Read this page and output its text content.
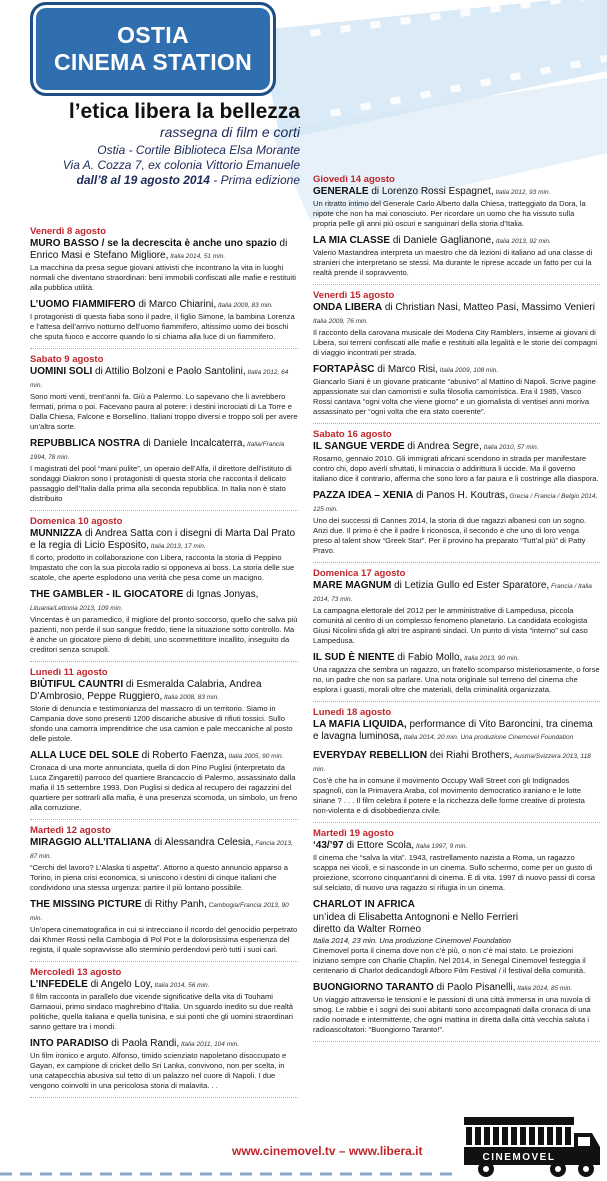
OSTIA
CINEMA STATION
l’etica libera la bellezza
rassegna di film e corti
Ostia - Cortile Biblioteca Elsa Morante
Via A. Cozza 7, ex colonia Vittorio Emanuele
dall’8 al 19 agosto 2014 - Prima edizione
Venerdì 8 agosto
MURO BASSO / se la decrescita è anche uno spazio di Enrico Masi e Stefano Migliore, Italia 2014, 51 min.
La macchina da presa segue giovani attivisti che incontrano la vita in luoghi normali che diventano straordinari: beni immobili confiscati alle mafie e restituiti alla pubblica utilità.
L’UOMO FIAMMIFERO di Marco Chiarini, Italia 2009, 83 min.
I protagonisti di questa fiaba sono il padre, il figlio Simone, la bambina Lorenza e l’attesa dell’arrivo notturno dell’uomo fiammifero, altissimo uomo dei boschi che sputa fuoco e accorre quando lo si chiama alla luce di un fiammifero.
Sabato 9 agosto
UOMINI SOLI di Attilio Bolzoni e Paolo Santolini, Italia 2012, 64 min.
Sono morti venti, trent’anni fa. Giù a Palermo. Lo sapevano che li avrebbero fermati, prima o poi. Facevano paura al potere: i destini incrociati di La Torre e Dalla Chiesa, Falcone e Borsellino. Italiani troppo diversi e troppo soli per avere un’altra sorte.
REPUBBLICA NOSTRA di Daniele Incalcaterra, Italia/Francia 1994, 78 min.
I magistrati del pool “mani pulite”, un operaio dell’Alfa, il direttore dell’istituto di sondaggi Diakron sono i protagonisti di questa storia che racconta il delicato passaggio dell’Italia dalla prima alla seconda repubblica. In Italia non è stato distribuito
Domenica 10 agosto
MUNNIZZA di Andrea Satta con i disegni di Marta Dal Prato e la regia di Licio Esposito, Italia 2013, 17 min.
Il corto, prodotto in collaborazione con Libera, racconta la storia di Peppino Impastato che con la sua piccola radio si opponeva ai boss. La storia delle sue scatole, che aperte esplodono una verità che pesa come un macigno.
THE GAMBLER - IL GIOCATORE di Ignas Jonyas, Lituania/Lettonia 2013, 109 min.
Vincentas è un paramedico, il migliore del pronto soccorso, quello che salva più pazienti, non perde il suo sangue freddo, tiene la situazione sotto controllo. Ma è anche un giocatore pieno di debiti, uno scommettitore incallito, inseguito da creditori senza scrupoli.
Lunedì 11 agosto
BIÙTIFUL CAUNTRI di Esmeralda Calabria, Andrea D’Ambrosio, Peppe Ruggiero, Italia 2008, 83 min.
Storie di denuncia e testimonianza del massacro di un territorio. Siamo in Campania dove sono presenti 1200 discariche abusive di rifiuti tossici. Sullo sfondo una camorra imprenditrice che usa camion e pale meccaniche al posto delle pistole.
ALLA LUCE DEL SOLE di Roberto Faenza, Italia 2005, 90 min.
Cronaca di una morte annunciata, quella di don Pino Puglisi (interpretato da Luca Zingaretti) parroco del quartiere Brancaccio di Palermo, assassinato dalla mafia il 15 settembre 1993. Don Puglisi si dedica al recupero dei ragazzini del quartiere per sottrarli alla mafia, è una presenza scomoda, un simbolo, un freno alla corruzione.
Martedì 12 agosto
MIRAGGIO ALL’ITALIANA di Alessandra Celesia, Fancia 2013, 87 min.
“Cerchi del lavoro? L’Alaska ti aspetta”. Attorno a questo annuncio apparso a Torino, in piena crisi economica, si uniscono i destini di cinque italiani che condividono una stessa urgenza: partire il più lontano possibile.
THE MISSING PICTURE di Rithy Panh, Cambogia/Francia 2013, 90 min.
Un’opera cinematografica in cui si intrecciano il ricordo del genocidio perpetrato dai Khmer Rossi nella Cambogia di Pol Pot e la dolorosissima esperienza del regista, il quale sopravvisse allo sterminio perdendovi però tutti i suoi cari.
Mercoledì 13 agosto
L’INFEDELE di Angelo Loy, Italia 2014, 56 min.
Il film racconta in parallelo due vicende significative della vita di Touhami Garnaoui, primo sindaco maghrebino d’Italia. Un sguardo inedito su due realtà politiche, quella italiana e quella tunisina, e sui ponti che gli uomini straordinari sanno gettare tra i mondi.
INTO PARADISO di Paola Randi, Italia 2011, 104 min.
Un film ironico e arguto. Alfonso, timido scienziato napoletano disoccupato e Gayan, ex campione di cricket dello Sri Lanka, convivono, non per scelta, in una catapecchia abusiva sul tetto di un palazzo nel cuore di Napoli. I due vengono coinvolti in una pericolosa storia di malavita. . .
Giovedì 14 agosto
GENERALE di Lorenzo Rossi Espagnet, Italia 2012, 93 min.
Un ritratto intimo del Generale Carlo Alberto dalla Chiesa, tratteggiato da Dora, la nipote che non ha mai conosciuto. Per ricordare un uomo che ha vissuto sulla propria pelle gli anni più oscuri e sanguinari della storia d’Italia.
LA MIA CLASSE di Daniele Gaglianone, Italia 2013, 92 min.
Valerio Mastandrea interpreta un maestro che dà lezioni di italiano ad una classe di stranieri che interpretano se stessi. Ma durante le riprese accade un fatto per cui la realtà prende il sopravvento.
Venerdì 15 agosto
ONDA LIBERA di Christian Nasi, Matteo Pasi, Massimo Venieri Italia 2009, 76 min.
Il racconto della carovana musicale dei Modena City Ramblers, insieme ai giovani di Libera, sui terreni confiscati alle mafie e restituiti alla legalità e le storie dei compagni di viaggio incontrati per strada.
FORTAPÀSC di Marco Risi, Italia 2009, 108 min.
Giancarlo Siani è un giovane praticante “abusivo” al Mattino di Napoli. Scrive pagine appassionate sui clan camorristi e sulla filosofia camorristica. Era il 1985, Vasco Rossi cantava “ogni volta che viene giorno” e un giornalista di ventisei anni moriva assassinato per “ogni volta che era stato coerente”.
Sabato 16 agosto
IL SANGUE VERDE di Andrea Segre, Italia 2010, 57 min.
Rosarno, gennaio 2010. Gli immigrati africani scendono in strada per manifestare contro chi, dopo averli sfruttati, li minaccia o addirittura li uccide. Ma il governo italiano dice il contrario, afferma che sono loro a far paura e li costringe alla diaspora.
PAZZA IDEA – XENIA di Panos H. Koutras, Grecia / Francia / Belgio 2014, 125 min.
Uno dei successi di Cannes 2014, la storia di due ragazzi albanesi con un sogno. Anzi due. Il primo è che il padre li riconosca, il secondo è che uno di loro venga preso al talent show “Greek Star”. Per il provino ha preparato “Tutt’al più” di Patty Pravo.
Domenica 17 agosto
MARE MAGNUM di Letizia Gullo ed Ester Sparatore, Francia / Italia 2014, 73 min.
La campagna elettorale del 2012 per le amministrative di Lampedusa, piccola comunità al centro di un complesso fenomeno planetario. La candidata ecologista Giusi Nicolini sfida gli altri tre aspiranti sindaci. Un punto di vista “interno” sul caso Lampedusa.
IL SUD È NIENTE di Fabio Mollo, Italia 2013, 90 min.
Una ragazza che sembra un ragazzo, un fratello scomparso misteriosamente, o forse no, un padre che non sa parlare. Una nota originale sul terreno del cinema che esplora i guasti, morali oltre che materiali, della criminalità organizzata.
Lunedì 18 agosto
LA MAFIA LIQUIDA, performance di Vito Baroncini, tra cinema e lavagna luminosa, Italia 2014, 20 min. Una produzione Cinemovel Foundation
EVERYDAY REBELLION dei Riahi Brothers, Austria/Svizzera 2013, 118 min.
Cos’è che ha in comune il movimento Occupy Wall Street con gli Indignados spagnoli, con la Primavera Araba, col movimento democratico iraniano e le lotte siriane ? . . . Il film celebra il potere e la ricchezza delle forme creative di protesta non-violenta e di disobbedienza civile.
Martedì 19 agosto
‘43/’97 di Ettore Scola, Italia 1997, 9 min.
Il cinema che “salva la vita”. 1943, rastrellamento nazista a Roma, un ragazzo scappa nei vicoli, e si nasconde in un cinema. Sullo schermo, come per un gusto di proiezione, scorrono cinquant’anni di cinema. È di vita. 1997 di nuovo passi di corsa sul selciato, di nuovo una ragazzo si rifugia in un cinema.
CHARLOT IN AFRICA
un’idea di Elisabetta Antognoni e Nello Ferrieri
diretto da Walter Romeo
Italia 2014, 23 min. Una produzione Cinemovel Foundation
Cinemovel porta il cinema dove non c’è più, o non c’è mai stato. Le proiezioni iniziano sempre con Charlie Chaplin. Nel 2014, in Senegal Cinemovel festeggia il centenario di Charlot dedicandogli Afboro Film Festival / il festival della comunità.
BUONGIORNO TARANTO di Paolo Pisanelli, Italia 2014, 85 min.
Un viaggio attraverso le tensioni e le passioni di una città immersa in una nuvola di smog. Le rabbie e i sogni dei suoi abitanti sono accompagnati dalla cronaca di una radio nomade e intermittente, che ogni mattina in diretta dalla città vecchia saluta i radioascoltatori: “Buongiorno Taranto!”.
www.cinemovel.tv – www.libera.it	CINEMOVEL
